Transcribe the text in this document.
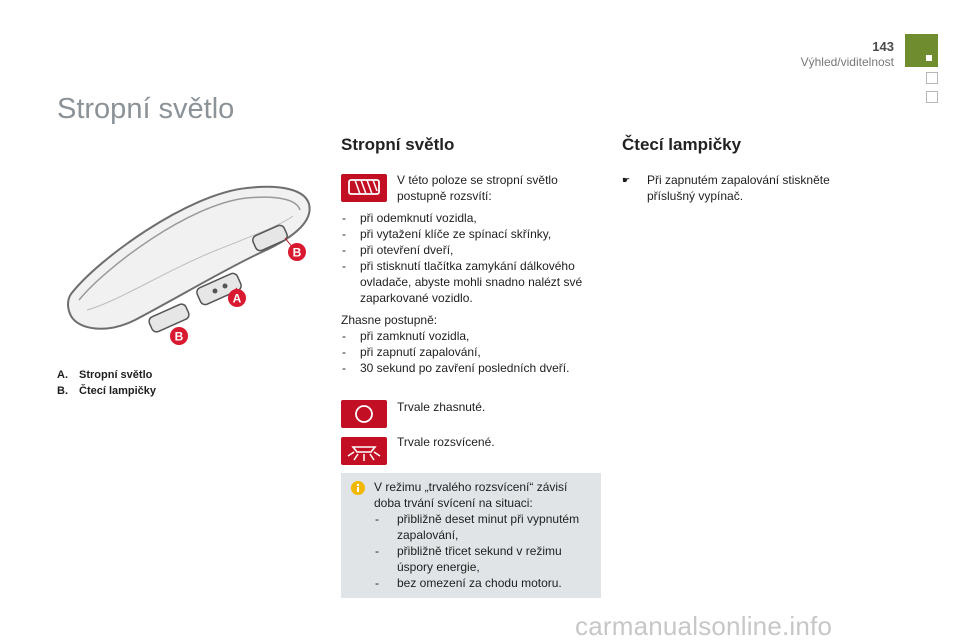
143
Výhled/viditelnost
Stropní světlo
B
A
B
A. Stropní světlo
B. Čtecí lampičky
Stropní světlo
V této poloze se stropní světlo postupně rozsvítí:
- při odemknutí vozidla,
- při vytažení klíče ze spínací skřínky,
- při otevření dveří,
- při stisknutí tlačítka zamykání dálkového ovladače, abyste mohli snadno nalézt své zaparkované vozidlo.
Zhasne postupně:
- při zamknutí vozidla,
- při zapnutí zapalování,
- 30 sekund po zavření posledních dveří.
Trvale zhasnuté.
Trvale rozsvícené.
V režimu „trvalého rozsvícení“ závisí doba trvání svícení na situaci:
- přibližně deset minut při vypnutém zapalování,
- přibližně třicet sekund v režimu úspory energie,
- bez omezení za chodu motoru.
Čtecí lampičky
☛	Při zapnutém zapalování stiskněte příslušný vypínač.
carmanualsonline.info
